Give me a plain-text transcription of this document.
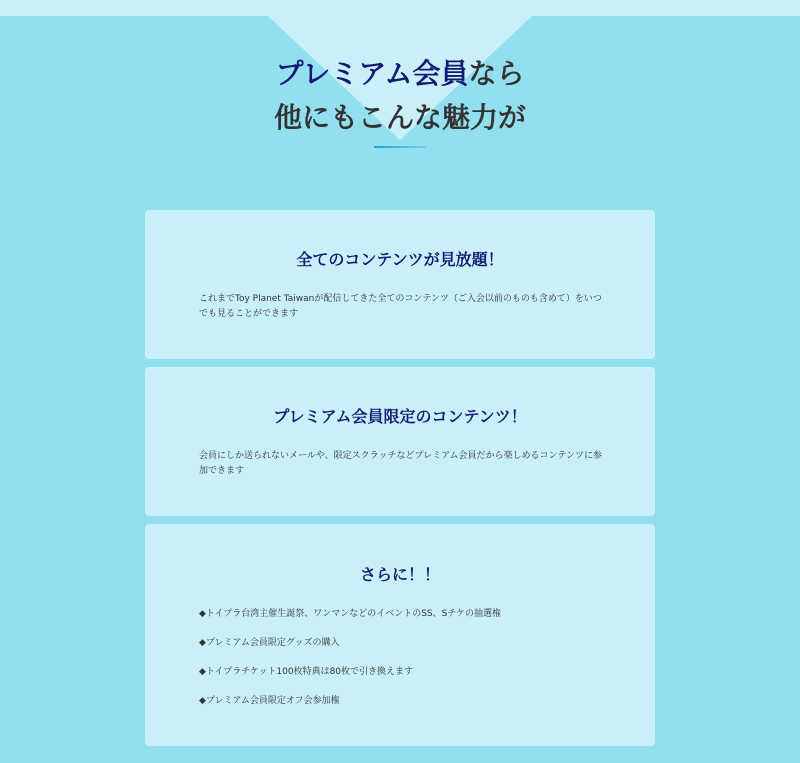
プレミアム会員なら
他にもこんな魅力が
全てのコンテンツが見放題！
これまでToy Planet Taiwanが配信してきた全てのコンテンツ（ご入会以前のものも含めて）をいつでも見ることができます
プレミアム会員限定のコンテンツ！
会員にしか送られないメールや、限定スクラッチなどプレミアム会員だから楽しめるコンテンツに参加できます
さらに！！
◆トイプラ台湾主催生誕祭、ワンマンなどのイベントのSS、Sチケの抽選権
◆プレミアム会員限定グッズの購入
◆トイプラチケット100枚特典は80枚で引き換えます
◆プレミアム会員限定オフ会参加権
